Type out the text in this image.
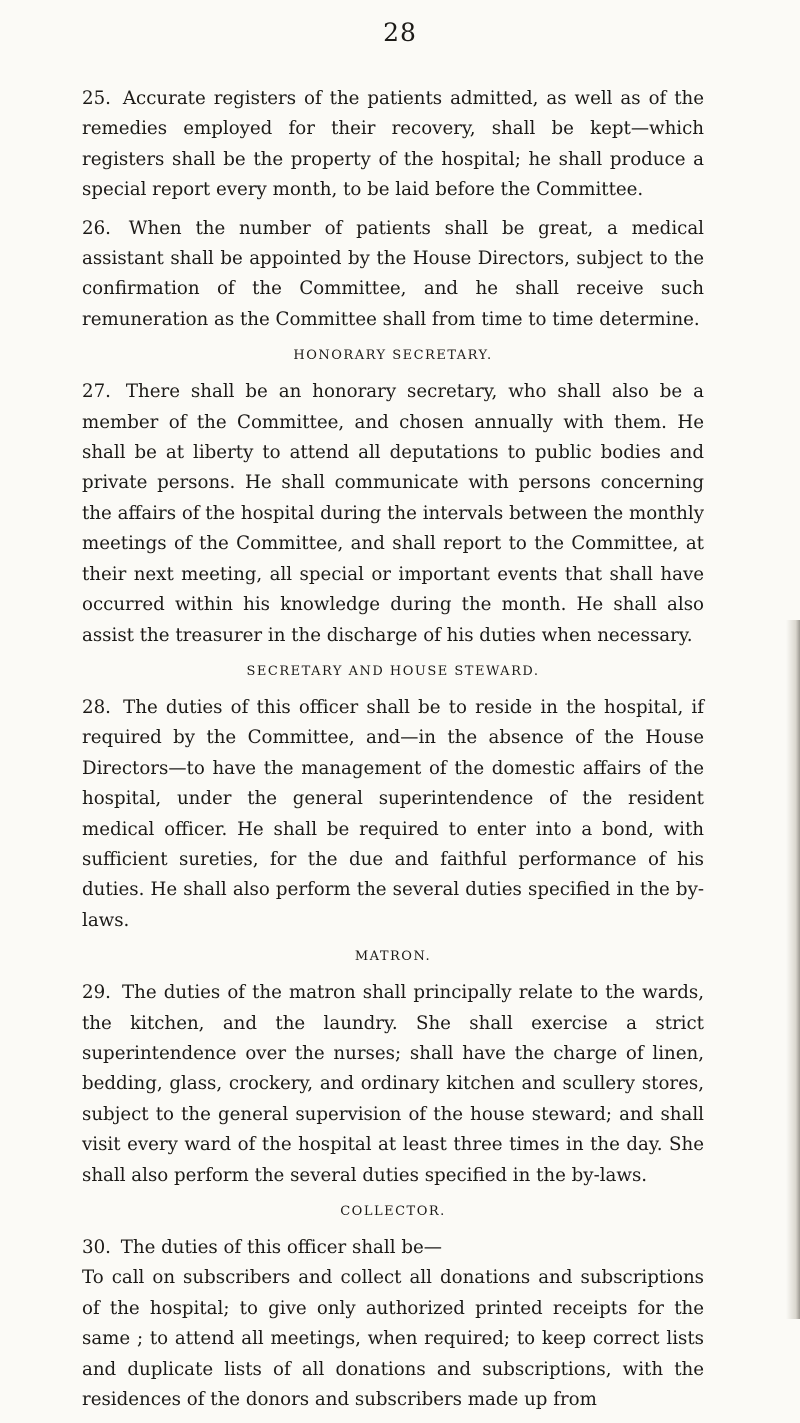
28

25. Accurate registers of the patients admitted, as well as of the remedies employed for their recovery, shall be kept—which registers shall be the property of the hospital; he shall produce a special report every month, to be laid before the Committee.

26. When the number of patients shall be great, a medical assistant shall be appointed by the House Directors, subject to the confirmation of the Committee, and he shall receive such remuneration as the Committee shall from time to time determine.

HONORARY SECRETARY.

27. There shall be an honorary secretary, who shall also be a member of the Committee, and chosen annually with them. He shall be at liberty to attend all deputations to public bodies and private persons. He shall communicate with persons concerning the affairs of the hospital during the intervals between the monthly meetings of the Committee, and shall report to the Committee, at their next meeting, all special or important events that shall have occurred within his knowledge during the month. He shall also assist the treasurer in the discharge of his duties when necessary.

SECRETARY AND HOUSE STEWARD.

28. The duties of this officer shall be to reside in the hospital, if required by the Committee, and—in the absence of the House Directors—to have the management of the domestic affairs of the hospital, under the general superintendence of the resident medical officer. He shall be required to enter into a bond, with sufficient sureties, for the due and faithful performance of his duties. He shall also perform the several duties specified in the by-laws.

MATRON.

29. The duties of the matron shall principally relate to the wards, the kitchen, and the laundry. She shall exercise a strict superintendence over the nurses; shall have the charge of linen, bedding, glass, crockery, and ordinary kitchen and scullery stores, subject to the general supervision of the house steward; and shall visit every ward of the hospital at least three times in the day. She shall also perform the several duties specified in the by-laws.

COLLECTOR.

30. The duties of this officer shall be—

To call on subscribers and collect all donations and subscriptions of the hospital; to give only authorized printed receipts for the same ; to attend all meetings, when required; to keep correct lists and duplicate lists of all donations and subscriptions, with the residences of the donors and subscribers made up from
